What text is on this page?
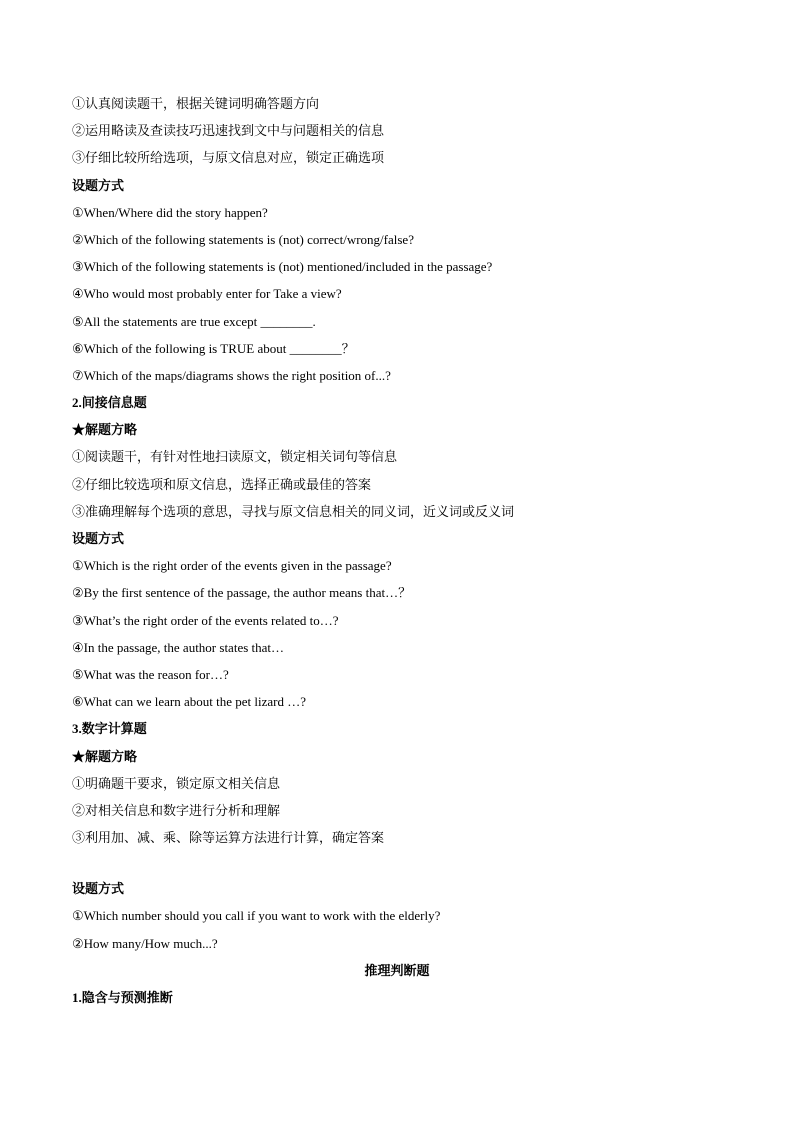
①认真阅读题干，根据关键词明确答题方向
②运用略读及查读技巧迅速找到文中与问题相关的信息
③仔细比较所给选项，与原文信息对应，锁定正确选项
设题方式
①When/Where did the story happen?
②Which of the following statements is (not) correct/wrong/false?
③Which of the following statements is (not) mentioned/included in the passage?
④Who would most probably enter for Take a view?
⑤All the statements are true except ________.
⑥Which of the following is TRUE about ________？
⑦Which of the maps/diagrams shows the right position of...?
2.间接信息题
★解题方略
①阅读题干，有针对性地扫读原文，锁定相关词句等信息
②仔细比较选项和原文信息，选择正确或最佳的答案
③准确理解每个选项的意思，寻找与原文信息相关的同义词，近义词或反义词
设题方式
①Which is the right order of the events given in the passage?
②By the first sentence of the passage, the author means that…？
③What’s the right order of the events related to…?
④In the passage, the author states that…
⑤What was the reason for…?
⑥What can we learn about the pet lizard …?
3.数字计算题
★解题方略
①明确题干要求，锁定原文相关信息
②对相关信息和数字进行分析和理解
③利用加、减、乘、除等运算方法进行计算，确定答案
设题方式
①Which number should you call if you want to work with the elderly?
②How many/How much...?
推理判断题
1.隐含与预测推断
